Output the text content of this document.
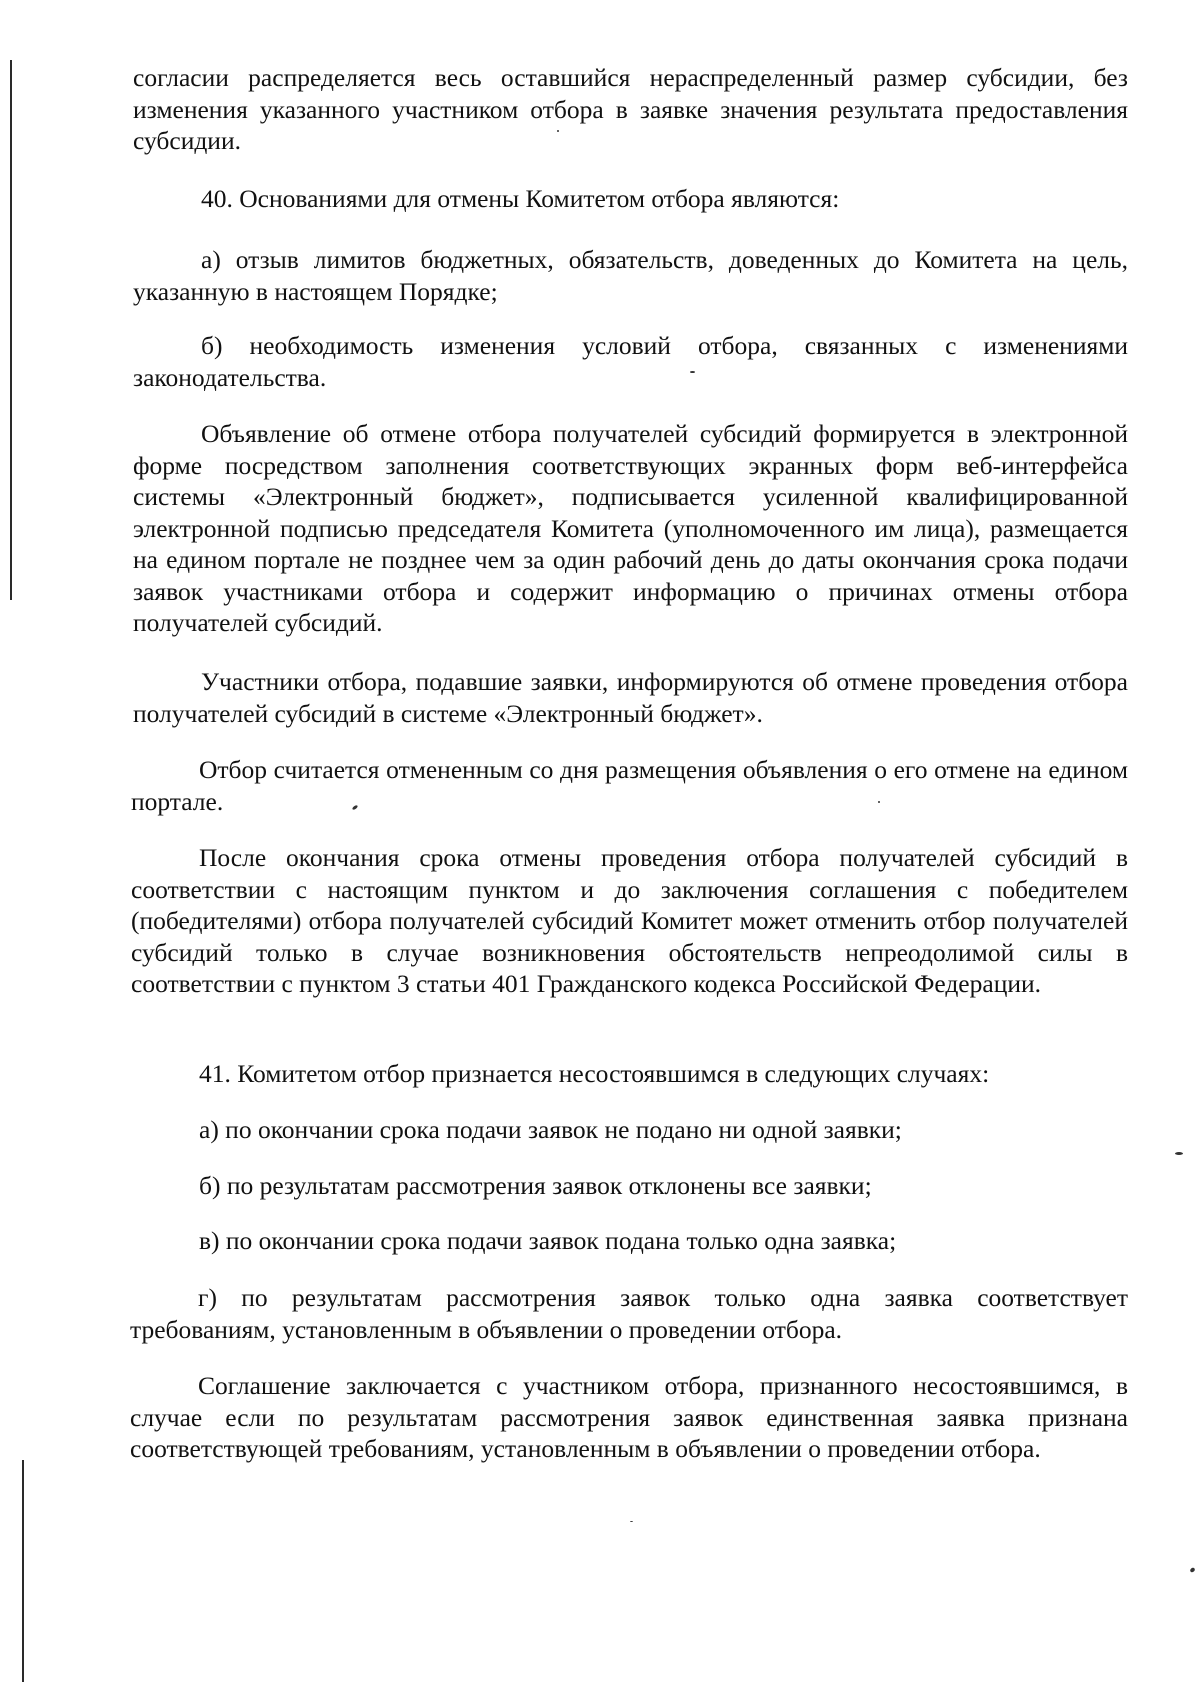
согласии распределяется весь оставшийся нераспределенный размер субсидии, без изменения указанного участником отбора в заявке значения результата предоставления субсидии.

40. Основаниями для отмены Комитетом отбора являются:

а) отзыв лимитов бюджетных, обязательств, доведенных до Комитета на цель, указанную в настоящем Порядке;

б) необходимость изменения условий отбора, связанных с изменениями законодательства.

Объявление об отмене отбора получателей субсидий формируется в электронной форме посредством заполнения соответствующих экранных форм веб-интерфейса системы «Электронный бюджет», подписывается усиленной квалифицированной электронной подписью председателя Комитета (уполномоченного им лица), размещается на едином портале не позднее чем за один рабочий день до даты окончания срока подачи заявок участниками отбора и содержит информацию о причинах отмены отбора получателей субсидий.

Участники отбора, подавшие заявки, информируются об отмене проведения отбора получателей субсидий в системе «Электронный бюджет».

Отбор считается отмененным со дня размещения объявления о его отмене на едином портале.

После окончания срока отмены проведения отбора получателей субсидий в соответствии с настоящим пунктом и до заключения соглашения с победителем (победителями) отбора получателей субсидий Комитет может отменить отбор получателей субсидий только в случае возникновения обстоятельств непреодолимой силы в соответствии с пунктом 3 статьи 401 Гражданского кодекса Российской Федерации.

41. Комитетом отбор признается несостоявшимся в следующих случаях:

а) по окончании срока подачи заявок не подано ни одной заявки;

б) по результатам рассмотрения заявок отклонены все заявки;

в) по окончании срока подачи заявок подана только одна заявка;

г) по результатам рассмотрения заявок только одна заявка соответствует требованиям, установленным в объявлении о проведении отбора.

Соглашение заключается с участником отбора, признанного несостоявшимся, в случае если по результатам рассмотрения заявок единственная заявка признана соответствующей требованиям, установленным в объявлении о проведении отбора.
